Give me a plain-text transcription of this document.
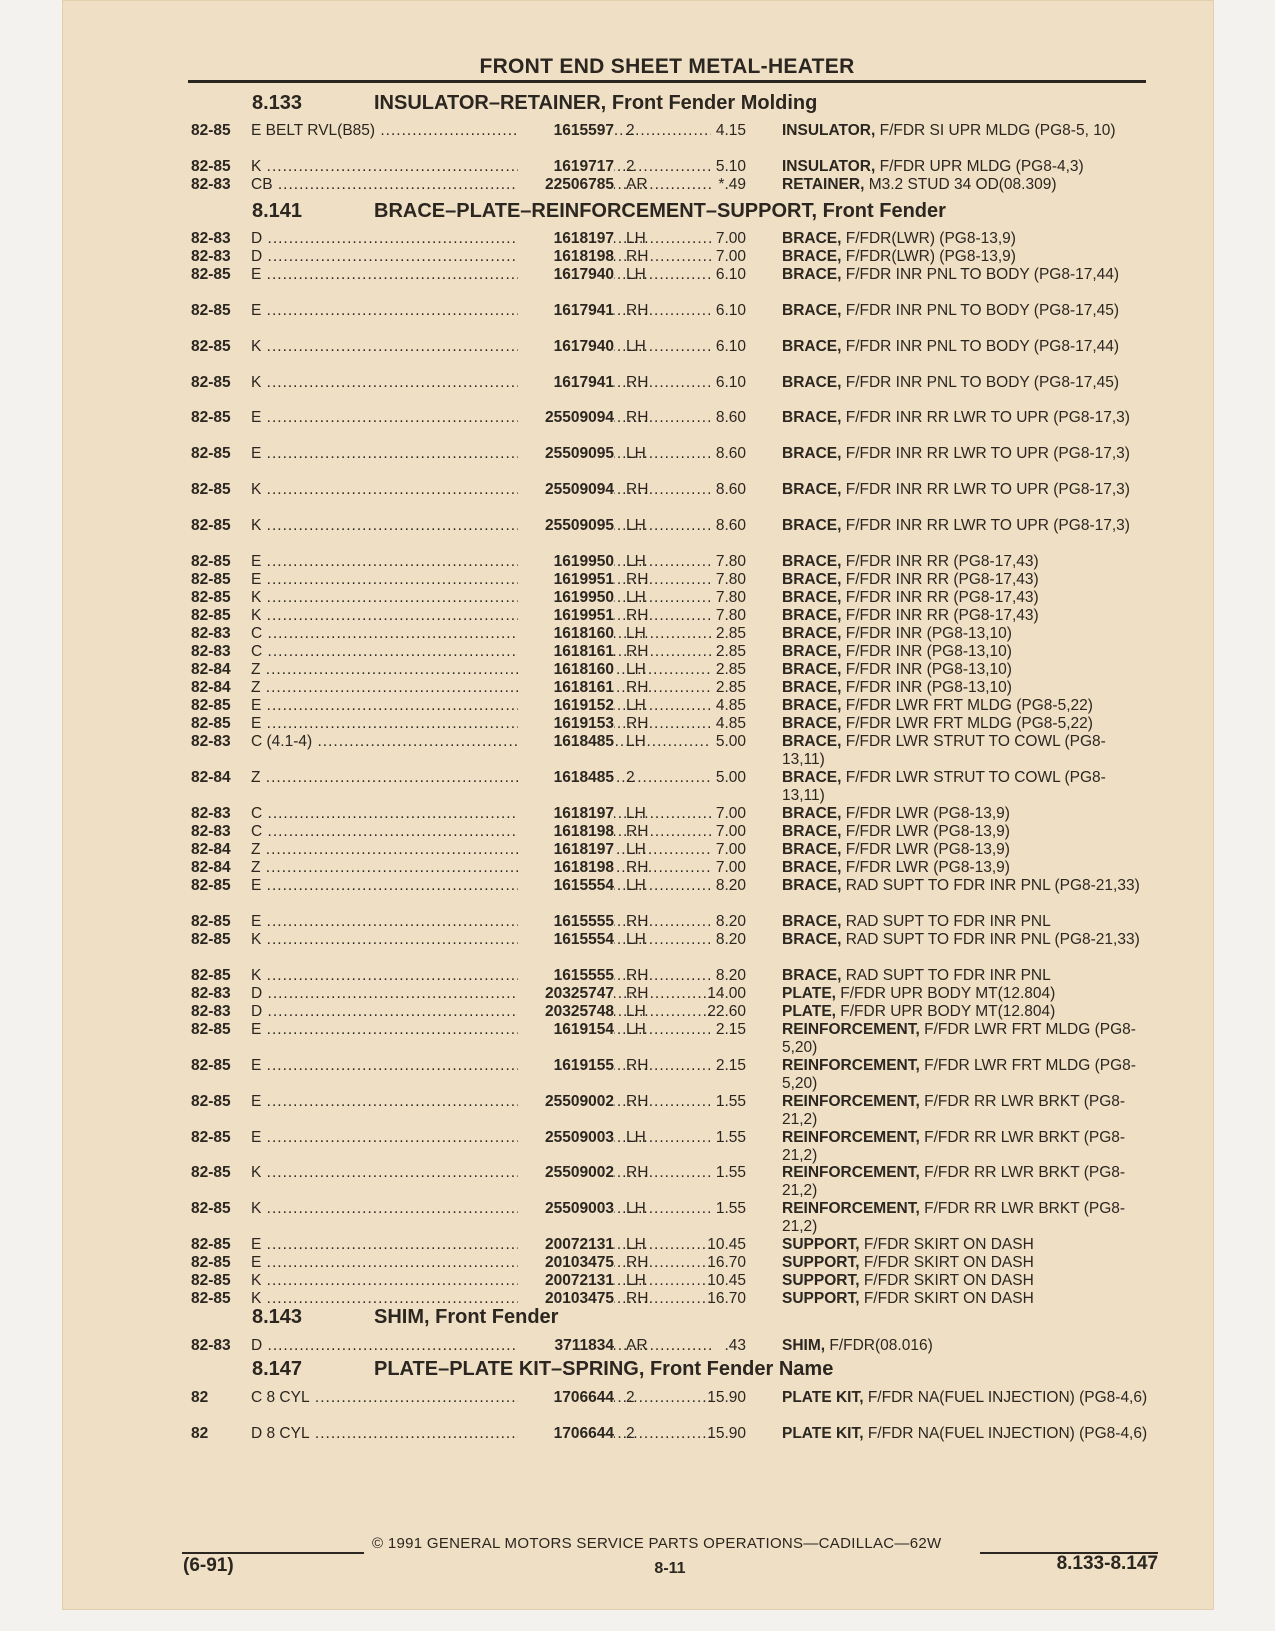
FRONT END SHEET METAL-HEATER
8.133	INSULATOR–RETAINER, Front Fender Molding
82-85 E BELT RVL(B85) .....	1615597 2	4.15 INSULATOR, F/FDR SI UPR MLDG (PG8-5, 10)
82-85 K .....	1619717 2	5.10 INSULATOR, F/FDR UPR MLDG (PG8-4,3)
82-83 CB .....	22506785 AR	*.49 RETAINER, M3.2 STUD 34 OD(08.309)
8.141	BRACE–PLATE–REINFORCEMENT–SUPPORT, Front Fender
82-83 D .....	1618197 LH	7.00 BRACE, F/FDR(LWR) (PG8-13,9)
82-83 D .....	1618198 RH	7.00 BRACE, F/FDR(LWR) (PG8-13,9)
82-85 E .....	1617940 LH	6.10 BRACE, F/FDR INR PNL TO BODY (PG8-17,44)
82-85 E .....	1617941 RH	6.10 BRACE, F/FDR INR PNL TO BODY (PG8-17,45)
82-85 K .....	1617940 LH	6.10 BRACE, F/FDR INR PNL TO BODY (PG8-17,44)
82-85 K .....	1617941 RH	6.10 BRACE, F/FDR INR PNL TO BODY (PG8-17,45)
82-85 E .....	25509094 RH	8.60 BRACE, F/FDR INR RR LWR TO UPR (PG8-17,3)
82-85 E .....	25509095 LH	8.60 BRACE, F/FDR INR RR LWR TO UPR (PG8-17,3)
82-85 K .....	25509094 RH	8.60 BRACE, F/FDR INR RR LWR TO UPR (PG8-17,3)
82-85 K .....	25509095 LH	8.60 BRACE, F/FDR INR RR LWR TO UPR (PG8-17,3)
82-85 E .....	1619950 LH	7.80 BRACE, F/FDR INR RR (PG8-17,43)
82-85 E .....	1619951 RH	7.80 BRACE, F/FDR INR RR (PG8-17,43)
82-85 K .....	1619950 LH	7.80 BRACE, F/FDR INR RR (PG8-17,43)
82-85 K .....	1619951 RH	7.80 BRACE, F/FDR INR RR (PG8-17,43)
82-83 C .....	1618160 LH	2.85 BRACE, F/FDR INR (PG8-13,10)
82-83 C .....	1618161 RH	2.85 BRACE, F/FDR INR (PG8-13,10)
82-84 Z .....	1618160 LH	2.85 BRACE, F/FDR INR (PG8-13,10)
82-84 Z .....	1618161 RH	2.85 BRACE, F/FDR INR (PG8-13,10)
82-85 E .....	1619152 LH	4.85 BRACE, F/FDR LWR FRT MLDG (PG8-5,22)
82-85 E .....	1619153 RH	4.85 BRACE, F/FDR LWR FRT MLDG (PG8-5,22)
82-83 C (4.1-4) .....	1618485 LH	5.00 BRACE, F/FDR LWR STRUT TO COWL (PG8-13,11)
82-84 Z .....	1618485 2	5.00 BRACE, F/FDR LWR STRUT TO COWL (PG8-13,11)
82-83 C .....	1618197 LH	7.00 BRACE, F/FDR LWR (PG8-13,9)
82-83 C .....	1618198 RH	7.00 BRACE, F/FDR LWR (PG8-13,9)
82-84 Z .....	1618197 LH	7.00 BRACE, F/FDR LWR (PG8-13,9)
82-84 Z .....	1618198 RH	7.00 BRACE, F/FDR LWR (PG8-13,9)
82-85 E .....	1615554 LH	8.20 BRACE, RAD SUPT TO FDR INR PNL (PG8-21,33)
82-85 E .....	1615555 RH	8.20 BRACE, RAD SUPT TO FDR INR PNL
82-85 K .....	1615554 LH	8.20 BRACE, RAD SUPT TO FDR INR PNL (PG8-21,33)
82-85 K .....	1615555 RH	8.20 BRACE, RAD SUPT TO FDR INR PNL
82-83 D .....	20325747 RH	14.00 PLATE, F/FDR UPR BODY MT(12.804)
82-83 D .....	20325748 LH	22.60 PLATE, F/FDR UPR BODY MT(12.804)
82-85 E .....	1619154 LH	2.15 REINFORCEMENT, F/FDR LWR FRT MLDG (PG8-5,20)
82-85 E .....	1619155 RH	2.15 REINFORCEMENT, F/FDR LWR FRT MLDG (PG8-5,20)
82-85 E .....	25509002 RH	1.55 REINFORCEMENT, F/FDR RR LWR BRKT (PG8-21,2)
82-85 E .....	25509003 LH	1.55 REINFORCEMENT, F/FDR RR LWR BRKT (PG8-21,2)
82-85 K .....	25509002 RH	1.55 REINFORCEMENT, F/FDR RR LWR BRKT (PG8-21,2)
82-85 K .....	25509003 LH	1.55 REINFORCEMENT, F/FDR RR LWR BRKT (PG8-21,2)
82-85 E .....	20072131 LH	10.45 SUPPORT, F/FDR SKIRT ON DASH
82-85 E .....	20103475 RH	16.70 SUPPORT, F/FDR SKIRT ON DASH
82-85 K .....	20072131 LH	10.45 SUPPORT, F/FDR SKIRT ON DASH
82-85 K .....	20103475 RH	16.70 SUPPORT, F/FDR SKIRT ON DASH
8.143	SHIM, Front Fender
82-83 D .....	3711834 AR	.43 SHIM, F/FDR(08.016)
8.147	PLATE–PLATE KIT–SPRING, Front Fender Name
82	C 8 CYL .....	1706644 2	15.90 PLATE KIT, F/FDR NA(FUEL INJECTION) (PG8-4,6)
82	D 8 CYL .....	1706644 2	15.90 PLATE KIT, F/FDR NA(FUEL INJECTION) (PG8-4,6)
© 1991 GENERAL MOTORS SERVICE PARTS OPERATIONS—CADILLAC—62W
(6-91)	8-11	8.133-8.147
